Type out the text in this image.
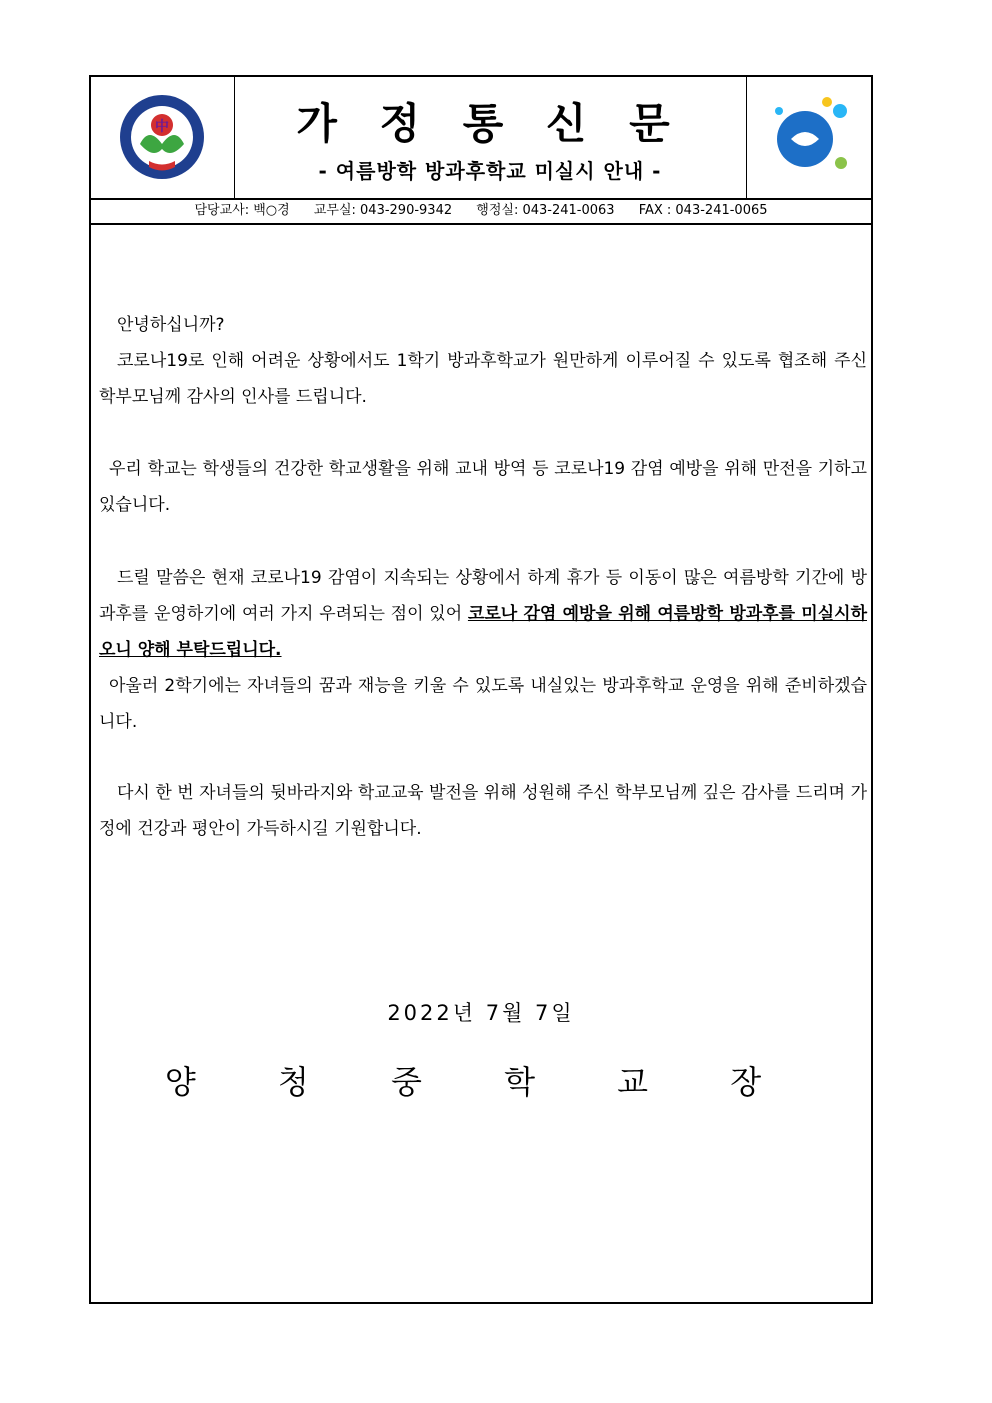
中	가 정 통 신 문
- 여름방학 방과후학교 미실시 안내 -
담당교사: 백○경 교무실: 043-290-9342 행정실: 043-241-0063 FAX : 043-241-0065

안녕하십니까?

코로나19로 인해 어려운 상황에서도 1학기 방과후학교가 원만하게 이루어질 수 있도록 협조해 주신 학부모님께 감사의 인사를 드립니다.

우리 학교는 학생들의 건강한 학교생활을 위해 교내 방역 등 코로나19 감염 예방을 위해 만전을 기하고 있습니다.

드릴 말씀은 현재 코로나19 감염이 지속되는 상황에서 하계 휴가 등 이동이 많은 여름방학 기간에 방과후를 운영하기에 여러 가지 우려되는 점이 있어 코로나 감염 예방을 위해 여름방학 방과후를 미실시하오니 양해 부탁드립니다.

아울러 2학기에는 자녀들의 꿈과 재능을 키울 수 있도록 내실있는 방과후학교 운영을 위해 준비하겠습니다.

다시 한 번 자녀들의 뒷바라지와 학교교육 발전을 위해 성원해 주신 학부모님께 깊은 감사를 드리며 가정에 건강과 평안이 가득하시길 기원합니다.

2022년 7월 7일
양 청 중 학 교 장
